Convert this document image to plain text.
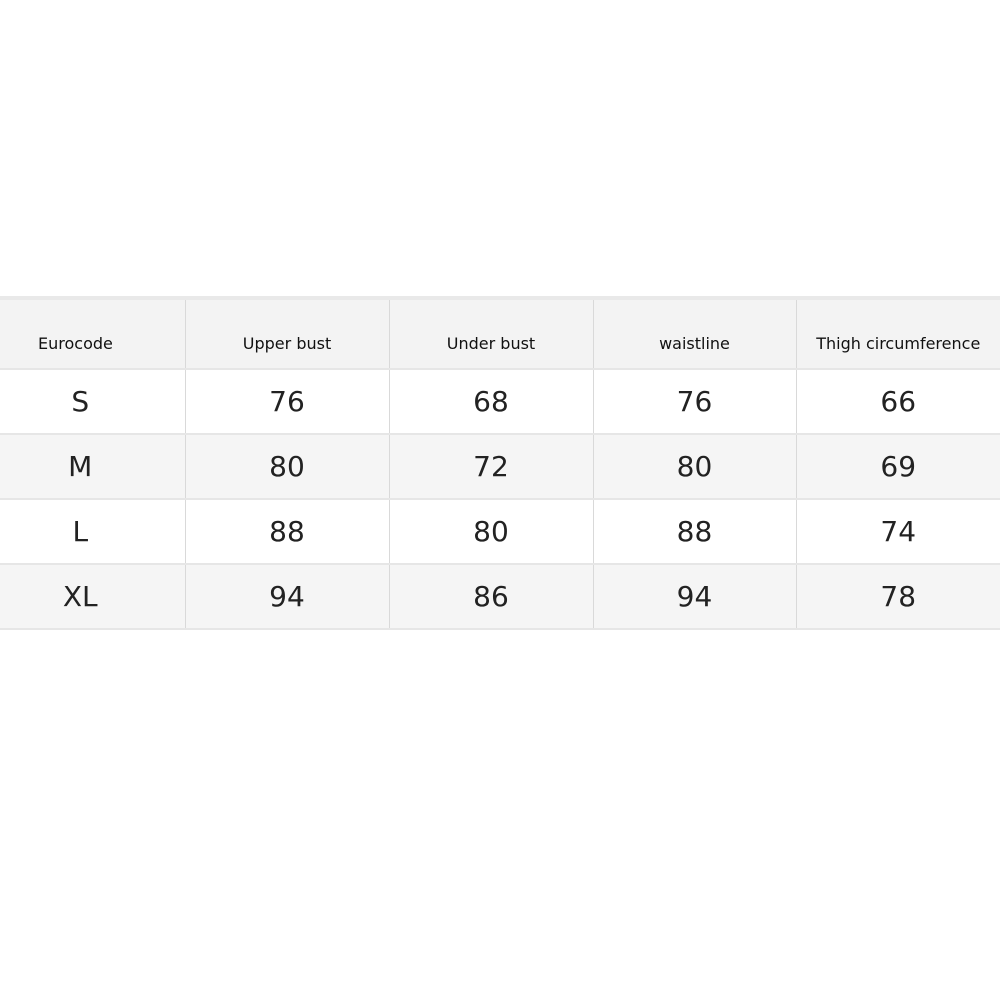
Eurocode	Upper bust	Under bust	waistline	Thigh circumference
S	76	68	76	66
M	80	72	80	69
L	88	80	88	74
XL	94	86	94	78
